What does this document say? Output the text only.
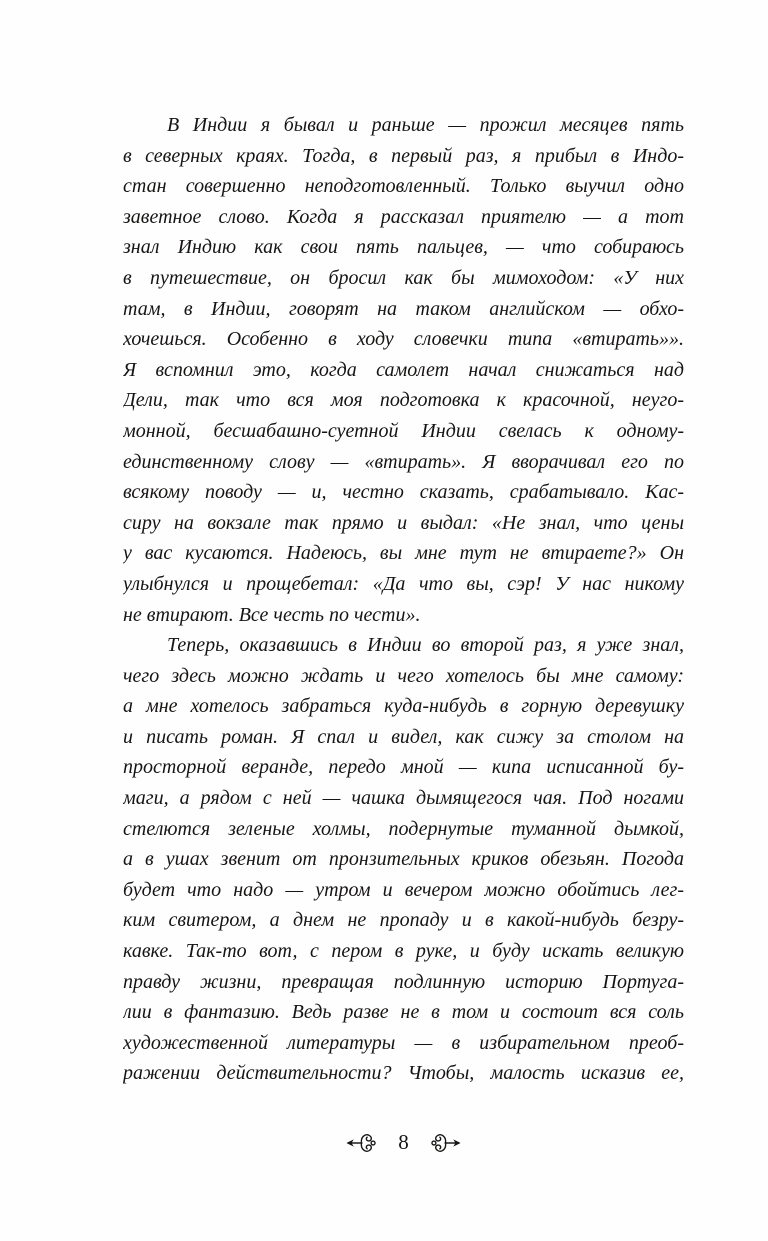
В Индии я бывал и раньше — прожил месяцев пять
в северных краях. Тогда, в первый раз, я прибыл в Индо-
стан совершенно неподготовленный. Только выучил одно
заветное слово. Когда я рассказал приятелю — а тот
знал Индию как свои пять пальцев, — что собираюсь
в путешествие, он бросил как бы мимоходом: «У них
там, в Индии, говорят на таком английском — обхо-
хочешься. Особенно в ходу словечки типа «втирать»».
Я вспомнил это, когда самолет начал снижаться над
Дели, так что вся моя подготовка к красочной, неуго-
монной, бесшабашно-суетной Индии свелась к одному-
единственному слову — «втирать». Я вворачивал его по
всякому поводу — и, честно сказать, срабатывало. Кас-
сиру на вокзале так прямо и выдал: «Не знал, что цены
у вас кусаются. Надеюсь, вы мне тут не втираете?» Он
улыбнулся и прощебетал: «Да что вы, сэр! У нас никому
не втирают. Все честь по чести».
Теперь, оказавшись в Индии во второй раз, я уже знал,
чего здесь можно ждать и чего хотелось бы мне самому:
а мне хотелось забраться куда-нибудь в горную деревушку
и писать роман. Я спал и видел, как сижу за столом на
просторной веранде, передо мной — кипа исписанной бу-
маги, а рядом с ней — чашка дымящегося чая. Под ногами
стелются зеленые холмы, подернутые туманной дымкой,
а в ушах звенит от пронзительных криков обезьян. Погода
будет что надо — утром и вечером можно обойтись лег-
ким свитером, а днем не пропаду и в какой-нибудь безру-
кавке. Так-то вот, с пером в руке, и буду искать великую
правду жизни, превращая подлинную историю Португа-
лии в фантазию. Ведь разве не в том и состоит вся соль
художественной литературы — в избирательном преоб-
ражении действительности? Чтобы, малость исказив ее,
8
